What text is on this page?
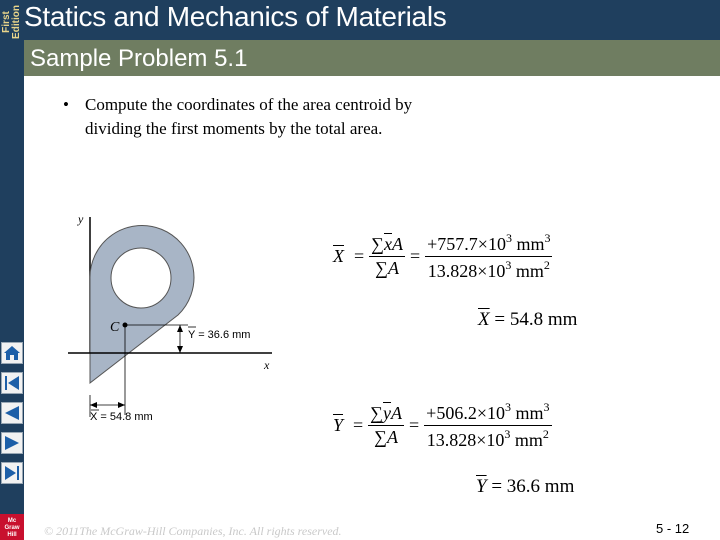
First
Edition
Mc
Graw
Hill
Statics and Mechanics of Materials
Sample Problem 5.1
• Compute the coordinates of the area centroid by dividing the first moments by the total area.
y
x
C	Y = 36.6 mm
X = 54.8 mm
$\overline{X} = \frac{\sum\overline{x}A}{\sum A} = \frac{+757.7\times 10^3 mm^3}{13.828\times 10^3 mm^2}$
$\overline{X} = 54.8$ mm
$\overline{Y} = \frac{\sum\overline{y}A}{\sum A} = \frac{+506.2\times 10^3 mm^3}{13.828\times 10^3 mm^2}$
$\overline{Y} = 36.6$ mm
© 2011The McGraw-Hill Companies, Inc. All rights reserved.	5 - 12
